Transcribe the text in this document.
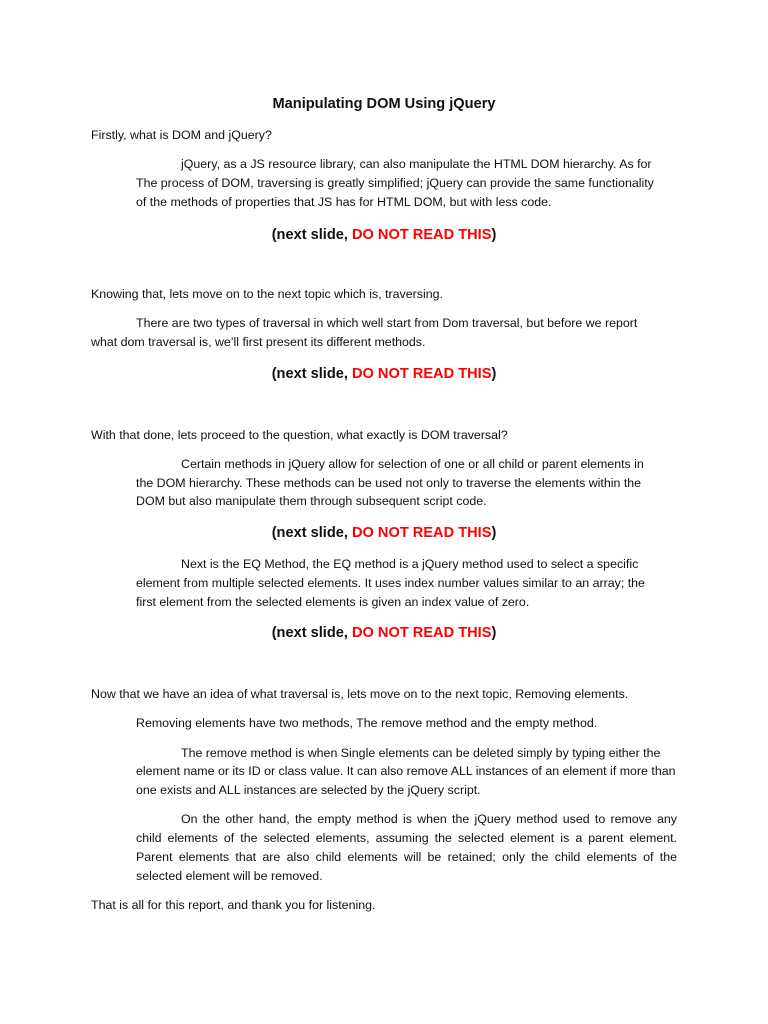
Manipulating DOM Using jQuery
Firstly, what is DOM and jQuery?
jQuery, as a JS resource library, can also manipulate the HTML DOM hierarchy. As for
The process of DOM, traversing is greatly simplified; jQuery can provide the same functionality
of the methods of properties that JS has for HTML DOM, but with less code.
(next slide, DO NOT READ THIS)
Knowing that, lets move on to the next topic which is, traversing.
There are two types of traversal in which well start from Dom traversal, but before we report
what dom traversal is, we’ll first present its different methods.
(next slide, DO NOT READ THIS)
With that done, lets proceed to the question, what exactly is DOM traversal?
Certain methods in jQuery allow for selection of one or all child or parent elements in
the DOM hierarchy. These methods can be used not only to traverse the elements within the
DOM but also manipulate them through subsequent script code.
(next slide, DO NOT READ THIS)
Next is the EQ Method, the EQ method is a jQuery method used to select a specific
element from multiple selected elements. It uses index number values similar to an array; the
first element from the selected elements is given an index value of zero.
(next slide, DO NOT READ THIS)
Now that we have an idea of what traversal is, lets move on to the next topic, Removing elements.
Removing elements have two methods, The remove method and the empty method.
The remove method is when Single elements can be deleted simply by typing either the
element name or its ID or class value. It can also remove ALL instances of an element if more than
one exists and ALL instances are selected by the jQuery script.
On the other hand, the empty method is when the jQuery method used to remove any
child elements of the selected elements, assuming the selected element is a parent element.
Parent elements that are also child elements will be retained; only the child elements of the
selected element will be removed.
That is all for this report, and thank you for listening.
